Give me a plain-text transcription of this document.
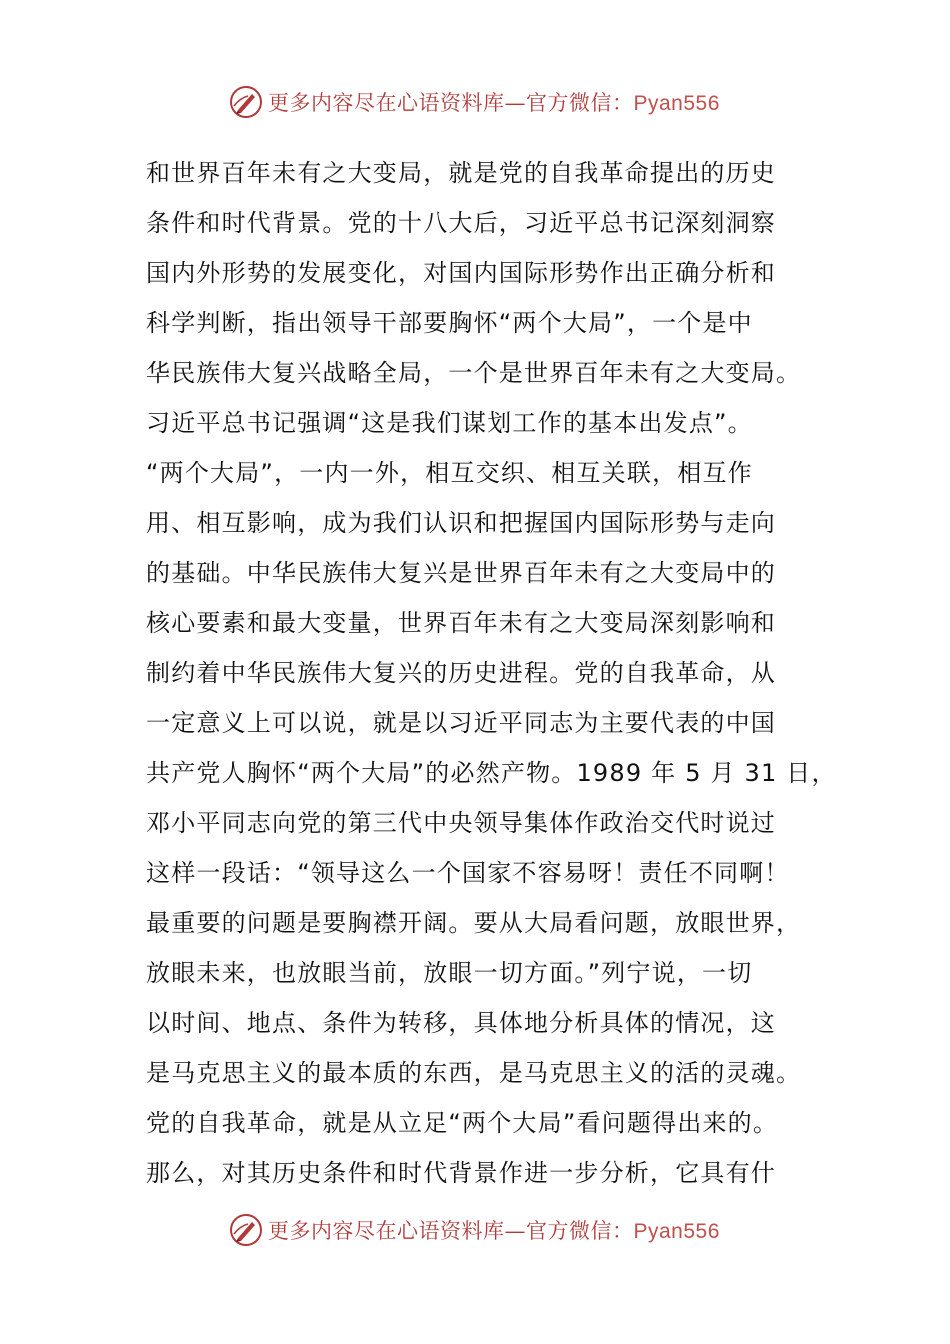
更多内容尽在心语资料库—官方微信：Pyan556
和世界百年未有之大变局，就是党的自我革命提出的历史
条件和时代背景。党的十八大后，习近平总书记深刻洞察
国内外形势的发展变化，对国内国际形势作出正确分析和
科学判断，指出领导干部要胸怀“两个大局”，一个是中
华民族伟大复兴战略全局，一个是世界百年未有之大变局。
习近平总书记强调“这是我们谋划工作的基本出发点”。
“两个大局”，一内一外，相互交织、相互关联，相互作
用、相互影响，成为我们认识和把握国内国际形势与走向
的基础。中华民族伟大复兴是世界百年未有之大变局中的
核心要素和最大变量，世界百年未有之大变局深刻影响和
制约着中华民族伟大复兴的历史进程。党的自我革命，从
一定意义上可以说，就是以习近平同志为主要代表的中国
共产党人胸怀“两个大局”的必然产物。1989 年 5 月 31 日，
邓小平同志向党的第三代中央领导集体作政治交代时说过
这样一段话：“领导这么一个国家不容易呀！责任不同啊！
最重要的问题是要胸襟开阔。要从大局看问题，放眼世界，
放眼未来，也放眼当前，放眼一切方面。”列宁说，一切
以时间、地点、条件为转移，具体地分析具体的情况，这
是马克思主义的最本质的东西，是马克思主义的活的灵魂。
党的自我革命，就是从立足“两个大局”看问题得出来的。
那么，对其历史条件和时代背景作进一步分析，它具有什
更多内容尽在心语资料库—官方微信：Pyan556
